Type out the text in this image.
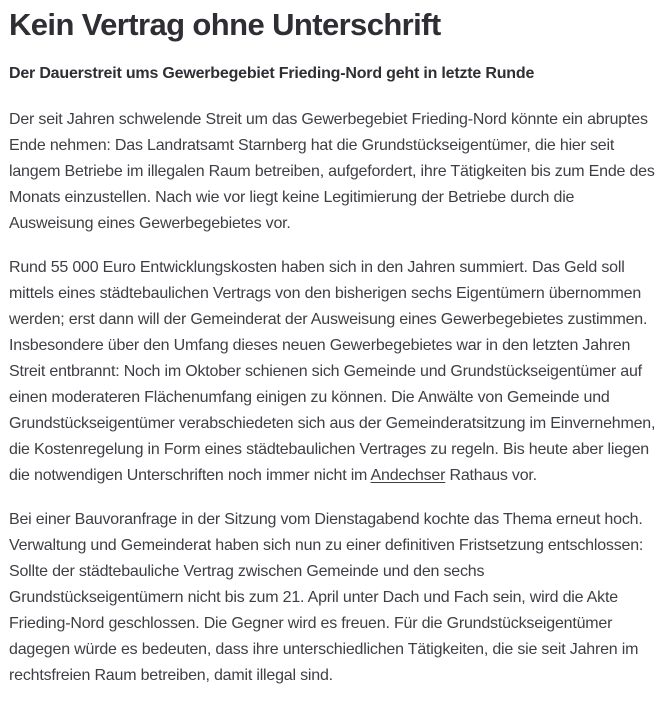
Kein Vertrag ohne Unterschrift

Der Dauerstreit ums Gewerbegebiet Frieding-Nord geht in letzte Runde

Der seit Jahren schwelende Streit um das Gewerbegebiet Frieding-Nord könnte ein abruptes Ende nehmen: Das Landratsamt Starnberg hat die Grundstückseigentümer, die hier seit langem Betriebe im illegalen Raum betreiben, aufgefordert, ihre Tätigkeiten bis zum Ende des Monats einzustellen. Nach wie vor liegt keine Legitimierung der Betriebe durch die Ausweisung eines Gewerbegebietes vor.

Rund 55 000 Euro Entwicklungskosten haben sich in den Jahren summiert. Das Geld soll mittels eines städtebaulichen Vertrags von den bisherigen sechs Eigentümern übernommen werden; erst dann will der Gemeinderat der Ausweisung eines Gewerbegebietes zustimmen. Insbesondere über den Umfang dieses neuen Gewerbegebietes war in den letzten Jahren Streit entbrannt: Noch im Oktober schienen sich Gemeinde und Grundstückseigentümer auf einen moderateren Flächenumfang einigen zu können. Die Anwälte von Gemeinde und Grundstückseigentümer verabschiedeten sich aus der Gemeinderatsitzung im Einvernehmen, die Kostenregelung in Form eines städtebaulichen Vertrages zu regeln. Bis heute aber liegen die notwendigen Unterschriften noch immer nicht im Andechser Rathaus vor.

Bei einer Bauvoranfrage in der Sitzung vom Dienstagabend kochte das Thema erneut hoch. Verwaltung und Gemeinderat haben sich nun zu einer definitiven Fristsetzung entschlossen: Sollte der städtebauliche Vertrag zwischen Gemeinde und den sechs Grundstückseigentümern nicht bis zum 21. April unter Dach und Fach sein, wird die Akte Frieding-Nord geschlossen. Die Gegner wird es freuen. Für die Grundstückseigentümer dagegen würde es bedeuten, dass ihre unterschiedlichen Tätigkeiten, die sie seit Jahren im rechtsfreien Raum betreiben, damit illegal sind.
